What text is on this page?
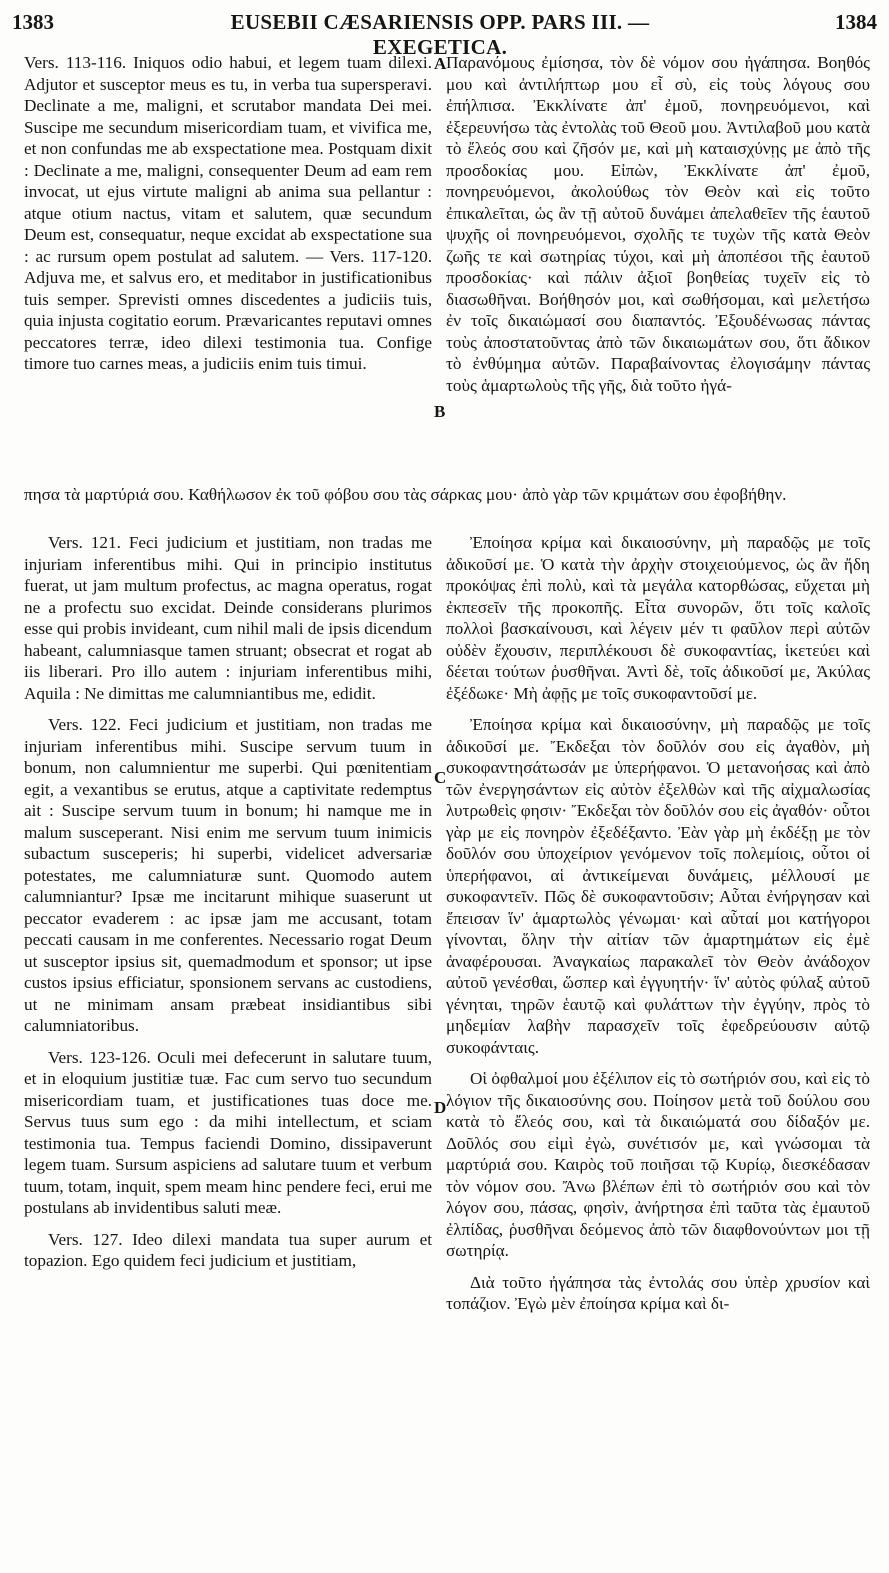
1383	EUSEBII CÆSARIENSIS OPP. PARS III. — EXEGETICA.
1384

Vers. 113-116. Iniquos odio habui, et legem tuam dilexi. Adjutor et susceptor meus es tu, in verba tua supersperavi. Declinate a me, maligni, et scrutabor mandata Dei mei. Suscipe me secundum misericordiam tuam, et vivifica me, et non confundas me ab exspectatione mea. Postquam dixit : Declinate a me, maligni, consequenter Deum ad eam rem invocat, ut ejus virtute maligni ab anima sua pellantur : atque otium nactus, vitam et salutem, quæ secundum Deum est, consequatur, neque excidat ab exspectatione sua : ac rursum opem postulat ad salutem. — Vers. 117-120. Adjuva me, et salvus ero, et meditabor in justificationibus tuis semper. Sprevisti omnes discedentes a judiciis tuis, quia injusta cogitatio eorum. Prævaricantes reputavi omnes peccatores terræ, ideo dilexi testimonia tua. Confige timore tuo carnes meas, a judiciis enim tuis timui.

Παρανόμους ἐμίσησα, τὸν δὲ νόμον σου ἠγάπησα. Βοηθός μου καὶ ἀντιλήπτωρ μου εἶ σὺ, εἰς τοὺς λόγους σου ἐπήλπισα. Ἐκκλίνατε ἀπ' ἐμοῦ, πονηρευόμενοι, καὶ ἐξερευνήσω τὰς ἐντολὰς τοῦ Θεοῦ μου. Ἀντιλαβοῦ μου κατὰ τὸ ἔλεός σου καὶ ζῆσόν με, καὶ μὴ καταισχύνῃς με ἀπὸ τῆς προσδοκίας μου. Εἰπὼν, Ἐκκλίνατε ἀπ' ἐμοῦ, πονηρευόμενοι, ἀκολούθως τὸν Θεὸν καὶ εἰς τοῦτο ἐπικαλεῖται, ὡς ἂν τῇ αὐτοῦ δυνάμει ἀπελαθεῖεν τῆς ἑαυτοῦ ψυχῆς οἱ πονηρευόμενοι, σχολῆς τε τυχὼν τῆς κατὰ Θεὸν ζωῆς τε καὶ σωτηρίας τύχοι, καὶ μὴ ἀποπέσοι τῆς ἑαυτοῦ προσδοκίας· καὶ πάλιν ἀξιοῖ βοηθείας τυχεῖν εἰς τὸ διασωθῆναι. Βοήθησόν μοι, καὶ σωθήσομαι, καὶ μελετήσω ἐν τοῖς δικαιώμασί σου διαπαντός. Ἐξουδένωσας πάντας τοὺς ἀποστατοῦντας ἀπὸ τῶν δικαιωμάτων σου, ὅτι ἄδικον τὸ ἐνθύμημα αὐτῶν. Παραβαίνοντας ἐλογισάμην πάντας τοὺς ἁμαρτωλοὺς τῆς γῆς, διὰ τοῦτο ἠγά-

A
B
πησα τὰ μαρτύριά σου. Καθήλωσον ἐκ τοῦ φόβου σου τὰς σάρκας μου· ἀπὸ γὰρ τῶν κριμάτων σου ἐφοβήθην.

Vers. 121. Feci judicium et justitiam, non tradas me injuriam inferentibus mihi. Qui in principio institutus fuerat, ut jam multum profectus, ac magna operatus, rogat ne a profectu suo excidat. Deinde considerans plurimos esse qui probis invideant, cum nihil mali de ipsis dicendum habeant, calumniasque tamen struant; obsecrat et rogat ab iis liberari. Pro illo autem : injuriam inferentibus mihi, Aquila : Ne dimittas me calumniantibus me, edidit.

Vers. 122. Feci judicium et justitiam, non tradas me injuriam inferentibus mihi. Suscipe servum tuum in bonum, non calumnientur me superbi. Qui pœnitentiam egit, a vexantibus se erutus, atque a captivitate redemptus ait : Suscipe servum tuum in bonum; hi namque me in malum susceperant. Nisi enim me servum tuum inimicis subactum susceperis; hi superbi, videlicet adversariæ potestates, me calumniaturæ sunt. Quomodo autem calumniantur? Ipsæ me incitarunt mihique suaserunt ut peccator evaderem : ac ipsæ jam me accusant, totam peccati causam in me conferentes. Necessario rogat Deum ut susceptor ipsius sit, quemadmodum et sponsor; ut ipse custos ipsius efficiatur, sponsionem servans ac custodiens, ut ne minimam ansam præbeat insidiantibus sibi calumniatoribus.

Vers. 123-126. Oculi mei defecerunt in salutare tuum, et in eloquium justitiæ tuæ. Fac cum servo tuo secundum misericordiam tuam, et justificationes tuas doce me. Servus tuus sum ego : da mihi intellectum, et sciam testimonia tua. Tempus faciendi Domino, dissipaverunt legem tuam. Sursum aspiciens ad salutare tuum et verbum tuum, totam, inquit, spem meam hinc pendere feci, erui me postulans ab invidentibus saluti meæ.

Vers. 127. Ideo dilexi mandata tua super aurum et topazion. Ego quidem feci judicium et justitiam,

Ἐποίησα κρίμα καὶ δικαιοσύνην, μὴ παραδῷς με τοῖς ἀδικοῦσί με. Ὁ κατὰ τὴν ἀρχὴν στοιχειούμενος, ὡς ἂν ἤδη προκόψας ἐπὶ πολὺ, καὶ τὰ μεγάλα κατορθώσας, εὔχεται μὴ ἐκπεσεῖν τῆς προκοπῆς. Εἶτα συνορῶν, ὅτι τοῖς καλοῖς πολλοὶ βασκαίνουσι, καὶ λέγειν μέν τι φαῦλον περὶ αὐτῶν οὐδὲν ἔχουσιν, περιπλέκουσι δὲ συκοφαντίας, ἱκετεύει καὶ δέεται τούτων ῥυσθῆναι. Ἀντὶ δὲ, τοῖς ἀδικοῦσί με, Ἀκύλας ἐξέδωκε· Μὴ ἀφῇς με τοῖς συκοφαντοῦσί με.

Ἐποίησα κρίμα καὶ δικαιοσύνην, μὴ παραδῷς με τοῖς ἀδικοῦσί με. Ἔκδεξαι τὸν δοῦλόν σου εἰς ἀγαθὸν, μὴ συκοφαντησάτωσάν με ὑπερήφανοι. Ὁ μετανοήσας καὶ ἀπὸ τῶν ἐνεργησάντων εἰς αὐτὸν ἐξελθὼν καὶ τῆς αἰχμαλωσίας λυτρωθεὶς φησιν· Ἔκδεξαι τὸν δοῦλόν σου εἰς ἀγαθόν· οὗτοι γὰρ με εἰς πονηρὸν ἐξεδέξαντο. Ἐὰν γὰρ μὴ ἐκδέξῃ με τὸν δοῦλόν σου ὑποχείριον γενόμενον τοῖς πολεμίοις, οὗτοι οἱ ὑπερήφανοι, αἱ ἀντικείμεναι δυνάμεις, μέλλουσί με συκοφαντεῖν. Πῶς δὲ συκοφαντοῦσιν; Αὗται ἐνήργησαν καὶ ἔπεισαν ἵν' ἁμαρτωλὸς γένωμαι· καὶ αὗταί μοι κατήγοροι γίνονται, ὅλην τὴν αἰτίαν τῶν ἁμαρτημάτων εἰς ἐμὲ ἀναφέρουσαι. Ἀναγκαίως παρακαλεῖ τὸν Θεὸν ἀνάδοχον αὐτοῦ γενέσθαι, ὥσπερ καὶ ἐγγυητήν· ἵν' αὐτὸς φύλαξ αὐτοῦ γένηται, τηρῶν ἑαυτῷ καὶ φυλάττων τὴν ἐγγύην, πρὸς τὸ μηδεμίαν λαβὴν παρασχεῖν τοῖς ἐφεδρεύουσιν αὐτῷ συκοφάνταις.

Οἱ ὀφθαλμοί μου ἐξέλιπον εἰς τὸ σωτήριόν σου, καὶ εἰς τὸ λόγιον τῆς δικαιοσύνης σου. Ποίησον μετὰ τοῦ δούλου σου κατὰ τὸ ἔλεός σου, καὶ τὰ δικαιώματά σου δίδαξόν με. Δοῦλός σου εἰμὶ ἐγὼ, συνέτισόν με, καὶ γνώσομαι τὰ μαρτύριά σου. Καιρὸς τοῦ ποιῆσαι τῷ Κυρίῳ, διεσκέδασαν τὸν νόμον σου. Ἄνω βλέπων ἐπὶ τὸ σωτήριόν σου καὶ τὸν λόγον σου, πάσας, φησὶν, ἀνήρτησα ἐπὶ ταῦτα τὰς ἐμαυτοῦ ἐλπίδας, ῥυσθῆναι δεόμενος ἀπὸ τῶν διαφθονούντων μοι τῇ σωτηρίᾳ.

Διὰ τοῦτο ἠγάπησα τὰς ἐντολάς σου ὑπὲρ χρυσίον καὶ τοπάζιον. Ἐγὼ μὲν ἐποίησα κρίμα καὶ δι-

C
D
